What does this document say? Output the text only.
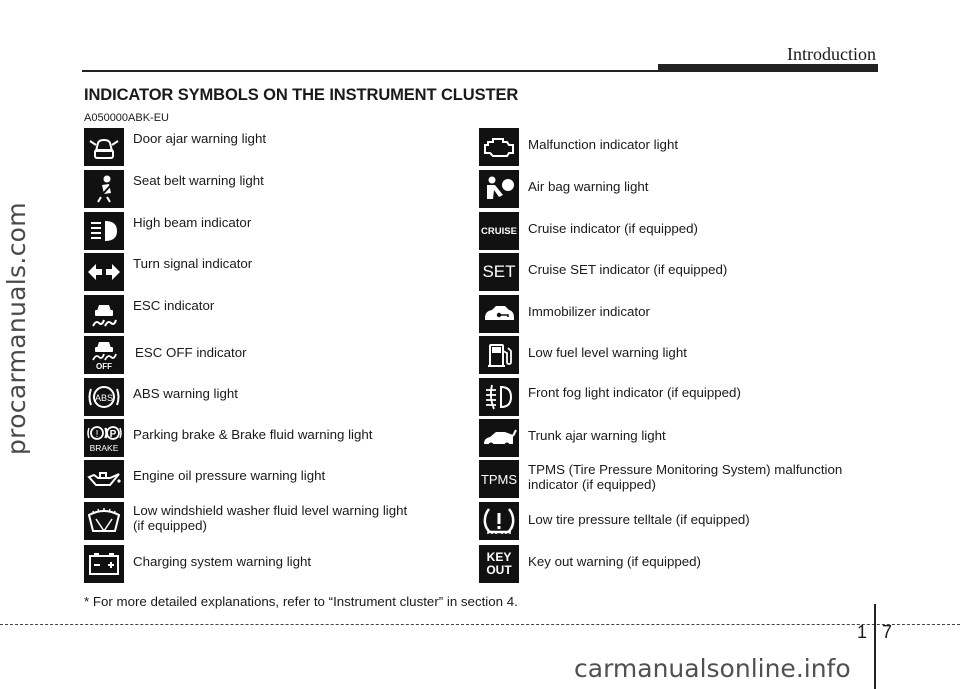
procarmanuals.com
Introduction
INDICATOR SYMBOLS ON THE INSTRUMENT CLUSTER
A050000ABK-EU
Door ajar warning light
Seat belt warning light
High beam indicator
Turn signal indicator
ESC indicator
OFF
ESC OFF indicator
ABS ABS warning light
! P
BRAKE
Parking brake & Brake fluid warning light
Engine oil pressure warning light
Low windshield washer fluid level warning light
(if equipped)
Charging system warning light
Malfunction indicator light
Air bag warning light
CRUISE Cruise indicator (if equipped)
SET Cruise SET indicator (if equipped)
Immobilizer indicator
Low fuel level warning light
Front fog light indicator (if equipped)
Trunk ajar warning light
TPMS
TPMS (Tire Pressure Monitoring System) malfunction
indicator (if equipped)
Low tire pressure telltale (if equipped)
KEY
OUT
Key out warning (if equipped)
* For more detailed explanations, refer to “Instrument cluster” in section 4.
1 7
carmanualsonline.info
